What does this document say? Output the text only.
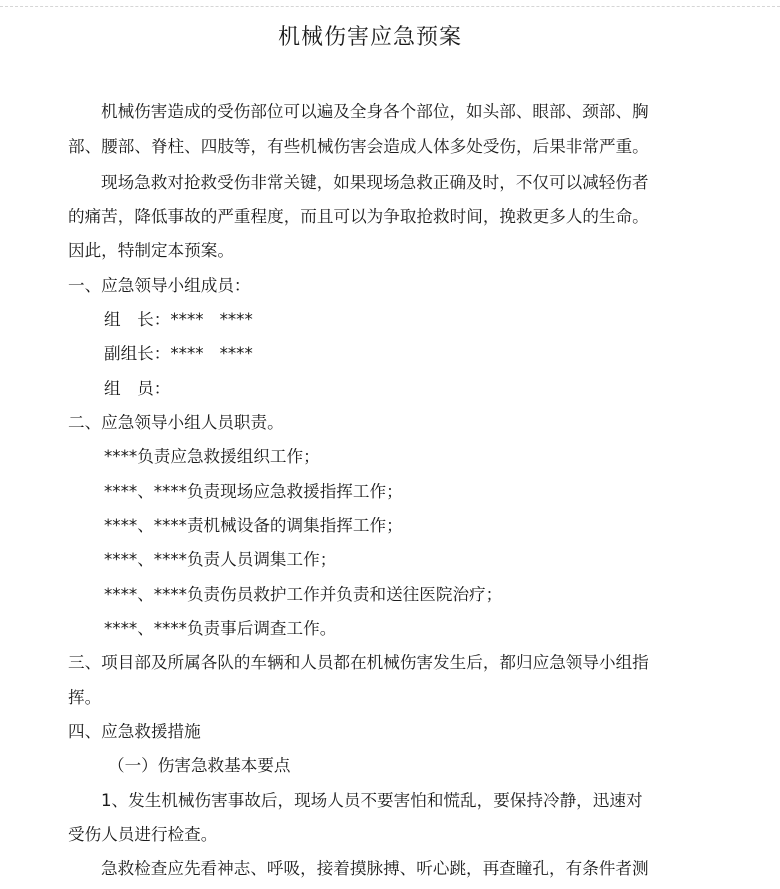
机械伤害应急预案
机械伤害造成的受伤部位可以遍及全身各个部位，如头部、眼部、颈部、胸
部、腰部、脊柱、四肢等，有些机械伤害会造成人体多处受伤，后果非常严重。
现场急救对抢救受伤非常关键，如果现场急救正确及时，不仅可以减轻伤者
的痛苦，降低事故的严重程度，而且可以为争取抢救时间，挽救更多人的生命。
因此，特制定本预案。
一、应急领导小组成员：
组　长：**** ****
副组长：**** ****
组　员：
二、应急领导小组人员职责。
****负责应急救援组织工作；
****、****负责现场应急救援指挥工作；
****、****责机械设备的调集指挥工作；
****、****负责人员调集工作；
****、****负责伤员救护工作并负责和送往医院治疗；
****、****负责事后调查工作。
三、项目部及所属各队的车辆和人员都在机械伤害发生后，都归应急领导小组指
挥。
四、应急救援措施
（一）伤害急救基本要点
1、发生机械伤害事故后，现场人员不要害怕和慌乱，要保持冷静，迅速对
受伤人员进行检查。
急救检查应先看神志、呼吸，接着摸脉搏、听心跳，再查瞳孔，有条件者测
